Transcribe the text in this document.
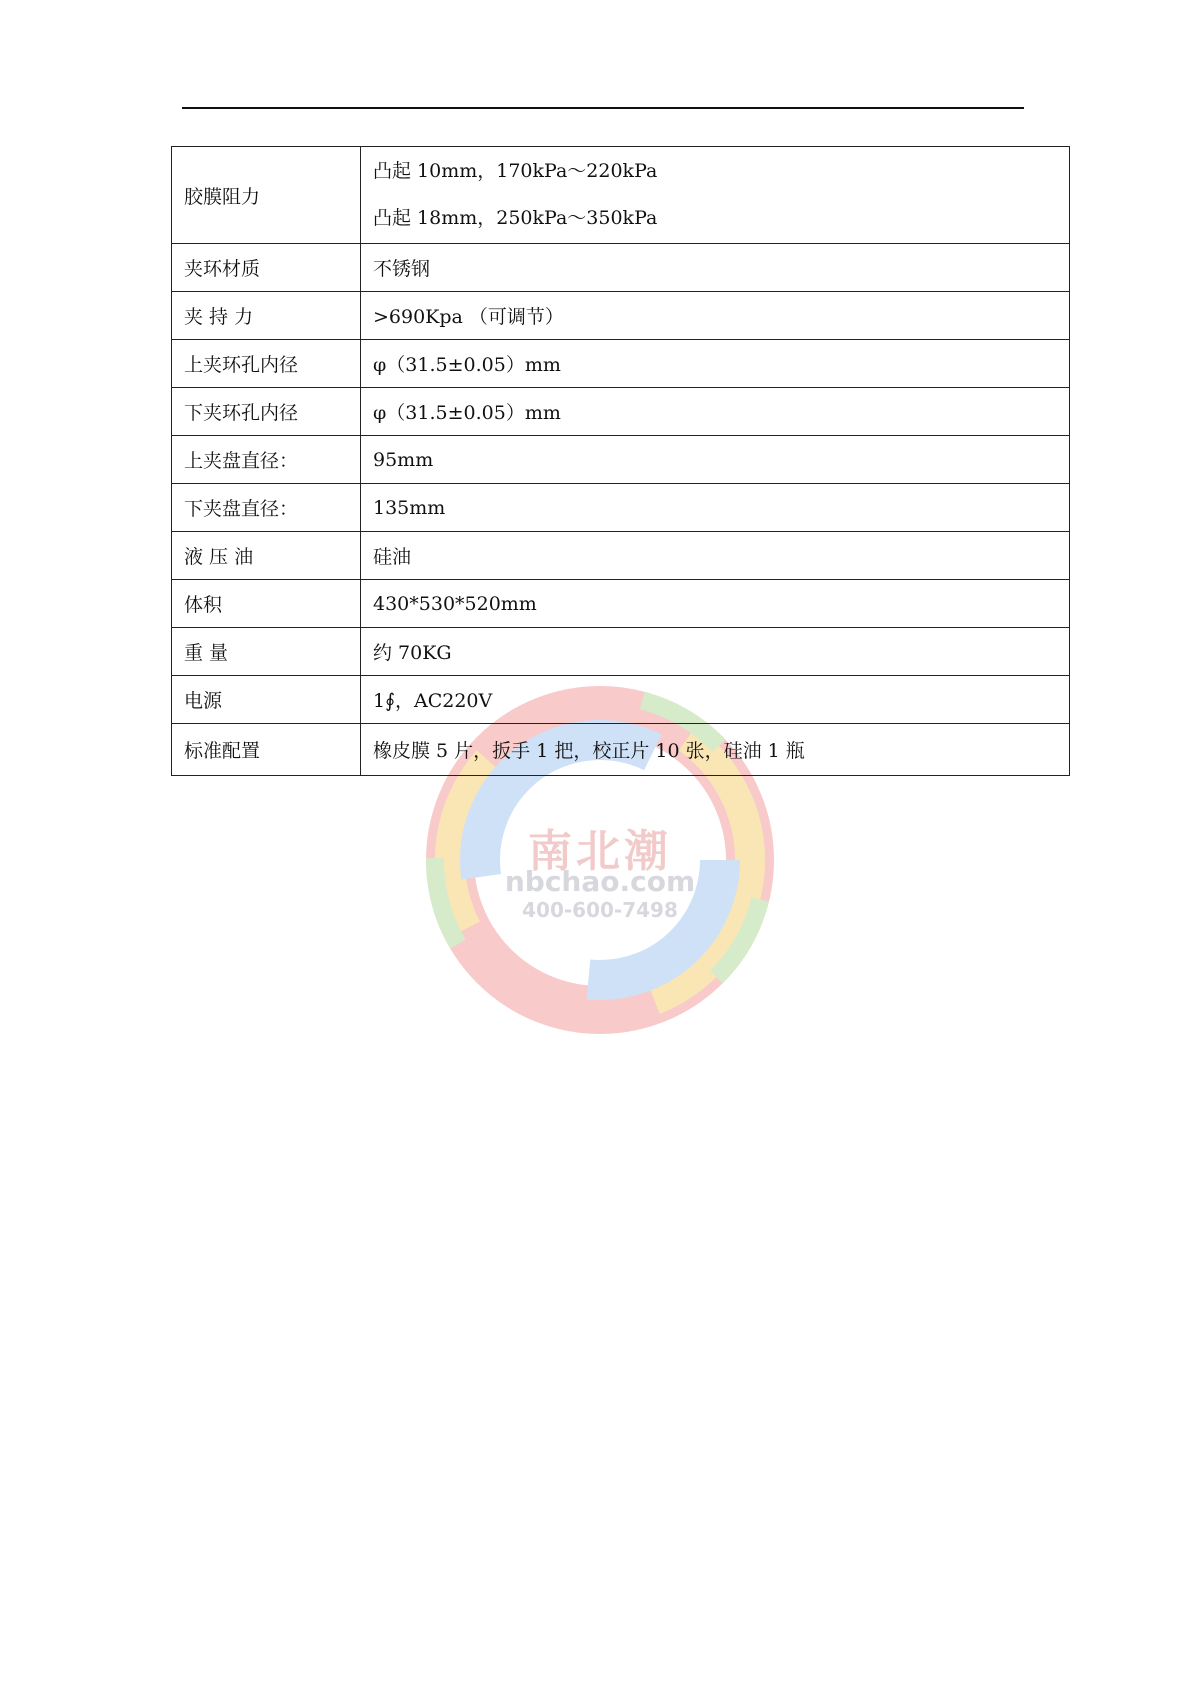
南北潮
nbchao.com
400-600-7498
胶膜阻力	凸起 10mm，170kPa～220kPa
凸起 18mm，250kPa～350kPa

夹环材质	不锈钢
夹 持 力	>690Kpa （可调节）
上夹环孔内径	φ（31.5±0.05）mm
下夹环孔内径	φ（31.5±0.05）mm
上夹盘直径：	95mm
下夹盘直径：	135mm
液 压 油	硅油
体积	430*530*520mm
重 量	约 70KG
电源	1∮，AC220V
标准配置	橡皮膜 5 片，扳手 1 把，校正片 10 张，硅油 1 瓶
